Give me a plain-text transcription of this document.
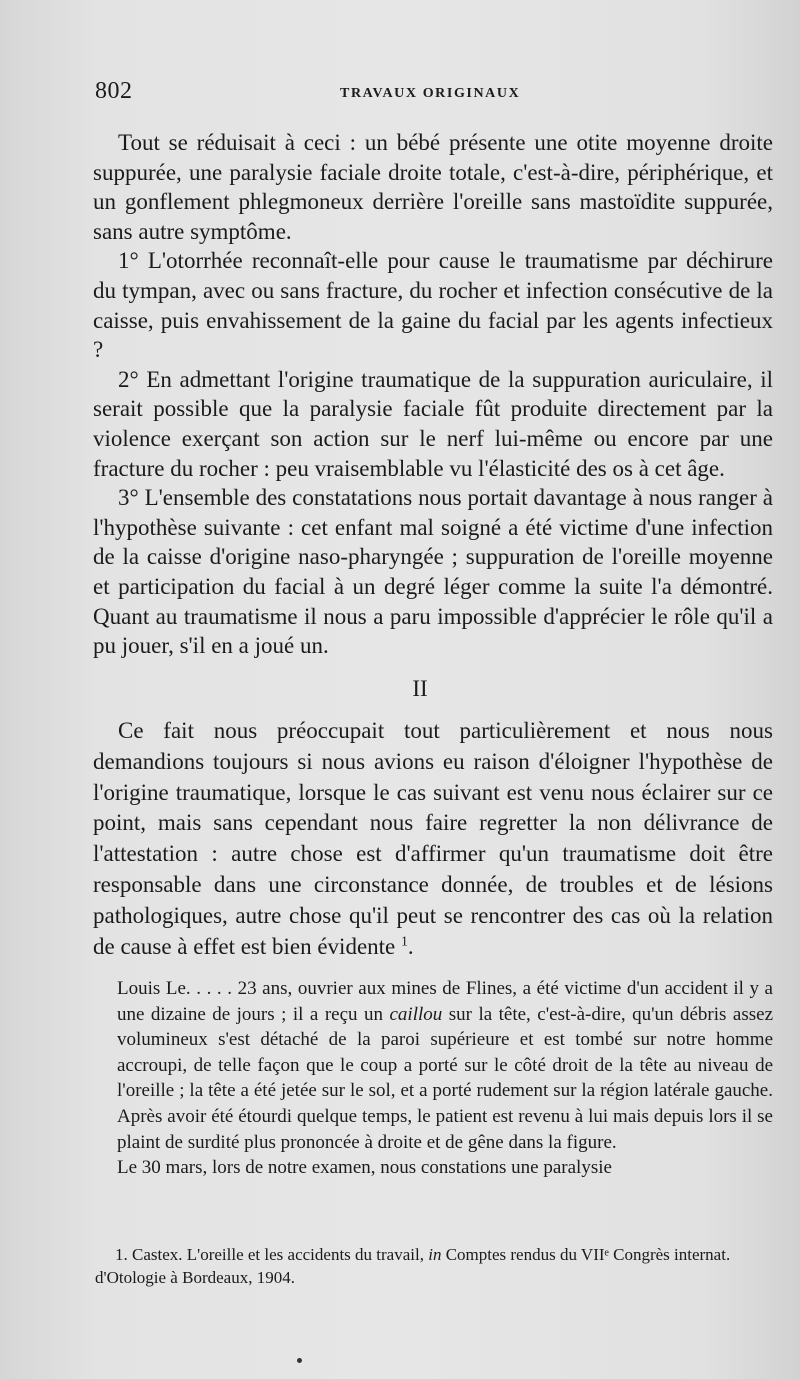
802	TRAVAUX ORIGINAUX

Tout se réduisait à ceci : un bébé présente une otite moyenne droite suppurée, une paralysie faciale droite totale, c'est-à-dire, périphérique, et un gonflement phlegmoneux derrière l'oreille sans mastoïdite suppurée, sans autre symptôme.

1° L'otorrhée reconnaît-elle pour cause le traumatisme par déchirure du tympan, avec ou sans fracture, du rocher et infection consécutive de la caisse, puis envahissement de la gaine du facial par les agents infectieux ?

2° En admettant l'origine traumatique de la suppuration auriculaire, il serait possible que la paralysie faciale fût produite directement par la violence exerçant son action sur le nerf lui-même ou encore par une fracture du rocher : peu vraisemblable vu l'élasticité des os à cet âge.

3° L'ensemble des constatations nous portait davantage à nous ranger à l'hypothèse suivante : cet enfant mal soigné a été victime d'une infection de la caisse d'origine naso-pharyngée ; suppuration de l'oreille moyenne et participation du facial à un degré léger comme la suite l'a démontré. Quant au traumatisme il nous a paru impossible d'apprécier le rôle qu'il a pu jouer, s'il en a joué un.

II

Ce fait nous préoccupait tout particulièrement et nous nous demandions toujours si nous avions eu raison d'éloigner l'hypothèse de l'origine traumatique, lorsque le cas suivant est venu nous éclairer sur ce point, mais sans cependant nous faire regretter la non délivrance de l'attestation : autre chose est d'affirmer qu'un traumatisme doit être responsable dans une circonstance donnée, de troubles et de lésions pathologiques, autre chose qu'il peut se rencontrer des cas où la relation de cause à effet est bien évidente $^1$.

Louis Le. . . . . 23 ans, ouvrier aux mines de Flines, a été victime d'un accident il y a une dizaine de jours ; il a reçu un caillou sur la tête, c'est-à-dire, qu'un débris assez volumineux s'est détaché de la paroi supérieure et est tombé sur notre homme accroupi, de telle façon que le coup a porté sur le côté droit de la tête au niveau de l'oreille ; la tête a été jetée sur le sol, et a porté rudement sur la région latérale gauche. Après avoir été étourdi quelque temps, le patient est revenu à lui mais depuis lors il se plaint de surdité plus prononcée à droite et de gêne dans la figure.

Le 30 mars, lors de notre examen, nous constations une paralysie

1. Castex. L'oreille et les accidents du travail, in Comptes rendus du VIIᵉ Congrès internat. d'Otologie à Bordeaux, 1904.
